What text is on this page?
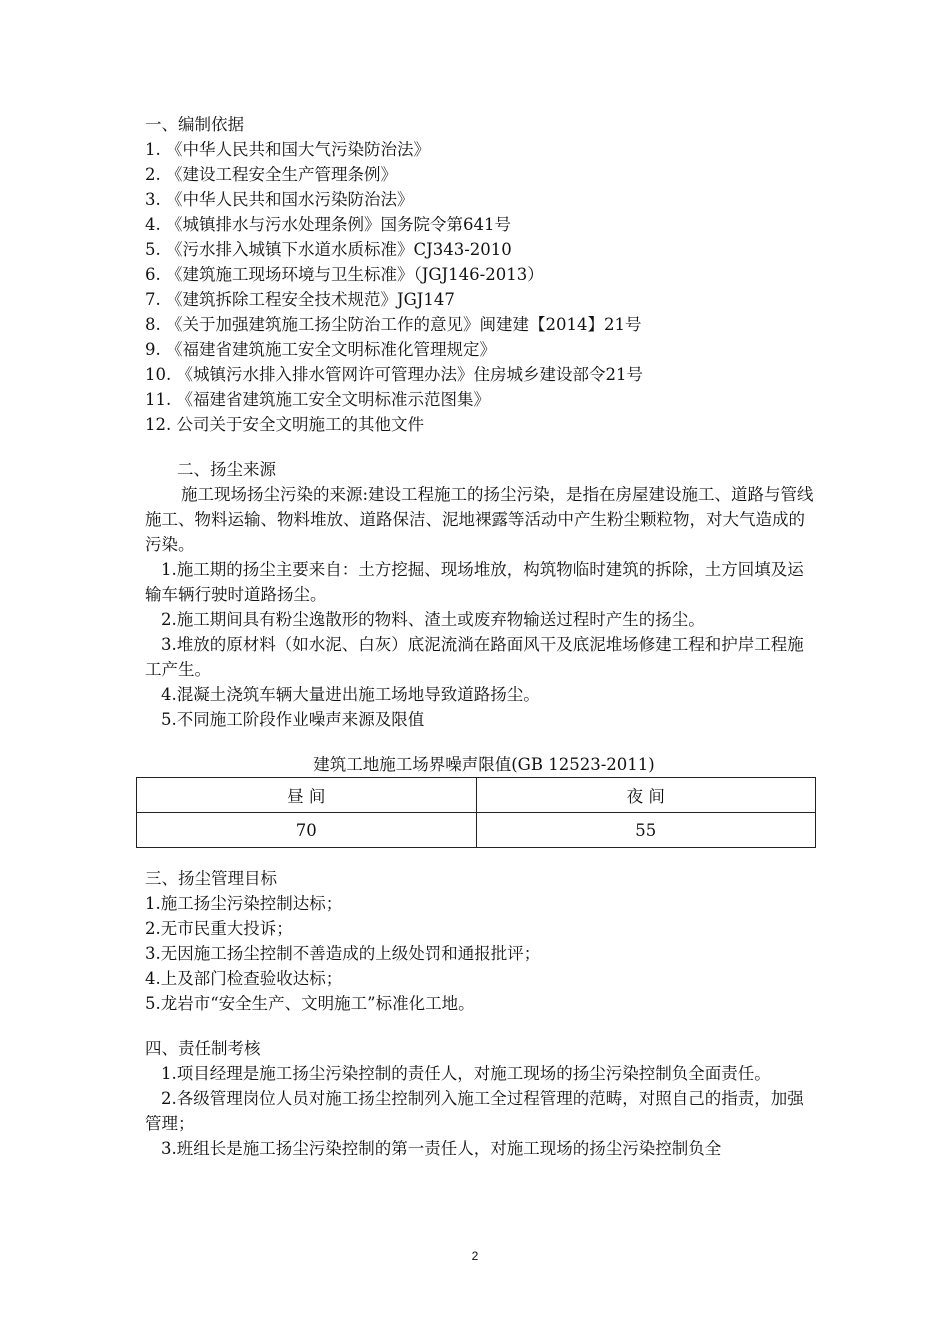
一、编制依据

1. 《中华人民共和国大气污染防治法》

2. 《建设工程安全生产管理条例》

3. 《中华人民共和国水污染防治法》

4. 《城镇排水与污水处理条例》国务院令第641号

5. 《污水排入城镇下水道水质标准》CJ343-2010

6. 《建筑施工现场环境与卫生标准》（JGJ146-2013）

7. 《建筑拆除工程安全技术规范》JGJ147

8. 《关于加强建筑施工扬尘防治工作的意见》闽建建【2014】21号

9. 《福建省建筑施工安全文明标准化管理规定》

10. 《城镇污水排入排水管网许可管理办法》住房城乡建设部令21号

11. 《福建省建筑施工安全文明标准示范图集》

12. 公司关于安全文明施工的其他文件

二、扬尘来源

施工现场扬尘污染的来源:建设工程施工的扬尘污染，是指在房屋建设施工、道路与管线施工、物料运输、物料堆放、道路保洁、泥地裸露等活动中产生粉尘颗粒物，对大气造成的污染。

1.施工期的扬尘主要来自：土方挖掘、现场堆放，构筑物临时建筑的拆除，土方回填及运输车辆行驶时道路扬尘。

2.施工期间具有粉尘逸散形的物料、渣土或废弃物输送过程时产生的扬尘。

3.堆放的原材料（如水泥、白灰）底泥流淌在路面风干及底泥堆场修建工程和护岸工程施工产生。

4.混凝土浇筑车辆大量进出施工场地导致道路扬尘。

5.不同施工阶段作业噪声来源及限值

建筑工地施工场界噪声限值(GB 12523-2011)

昼 间	夜 间
70	55

三、扬尘管理目标

1.施工扬尘污染控制达标；

2.无市民重大投诉；

3.无因施工扬尘控制不善造成的上级处罚和通报批评；

4.上及部门检查验收达标；

5.龙岩市“安全生产、文明施工”标准化工地。

四、责任制考核

1.项目经理是施工扬尘污染控制的责任人，对施工现场的扬尘污染控制负全面责任。

2.各级管理岗位人员对施工扬尘控制列入施工全过程管理的范畴，对照自己的指责，加强管理；

3.班组长是施工扬尘污染控制的第一责任人，对施工现场的扬尘污染控制负全

2
